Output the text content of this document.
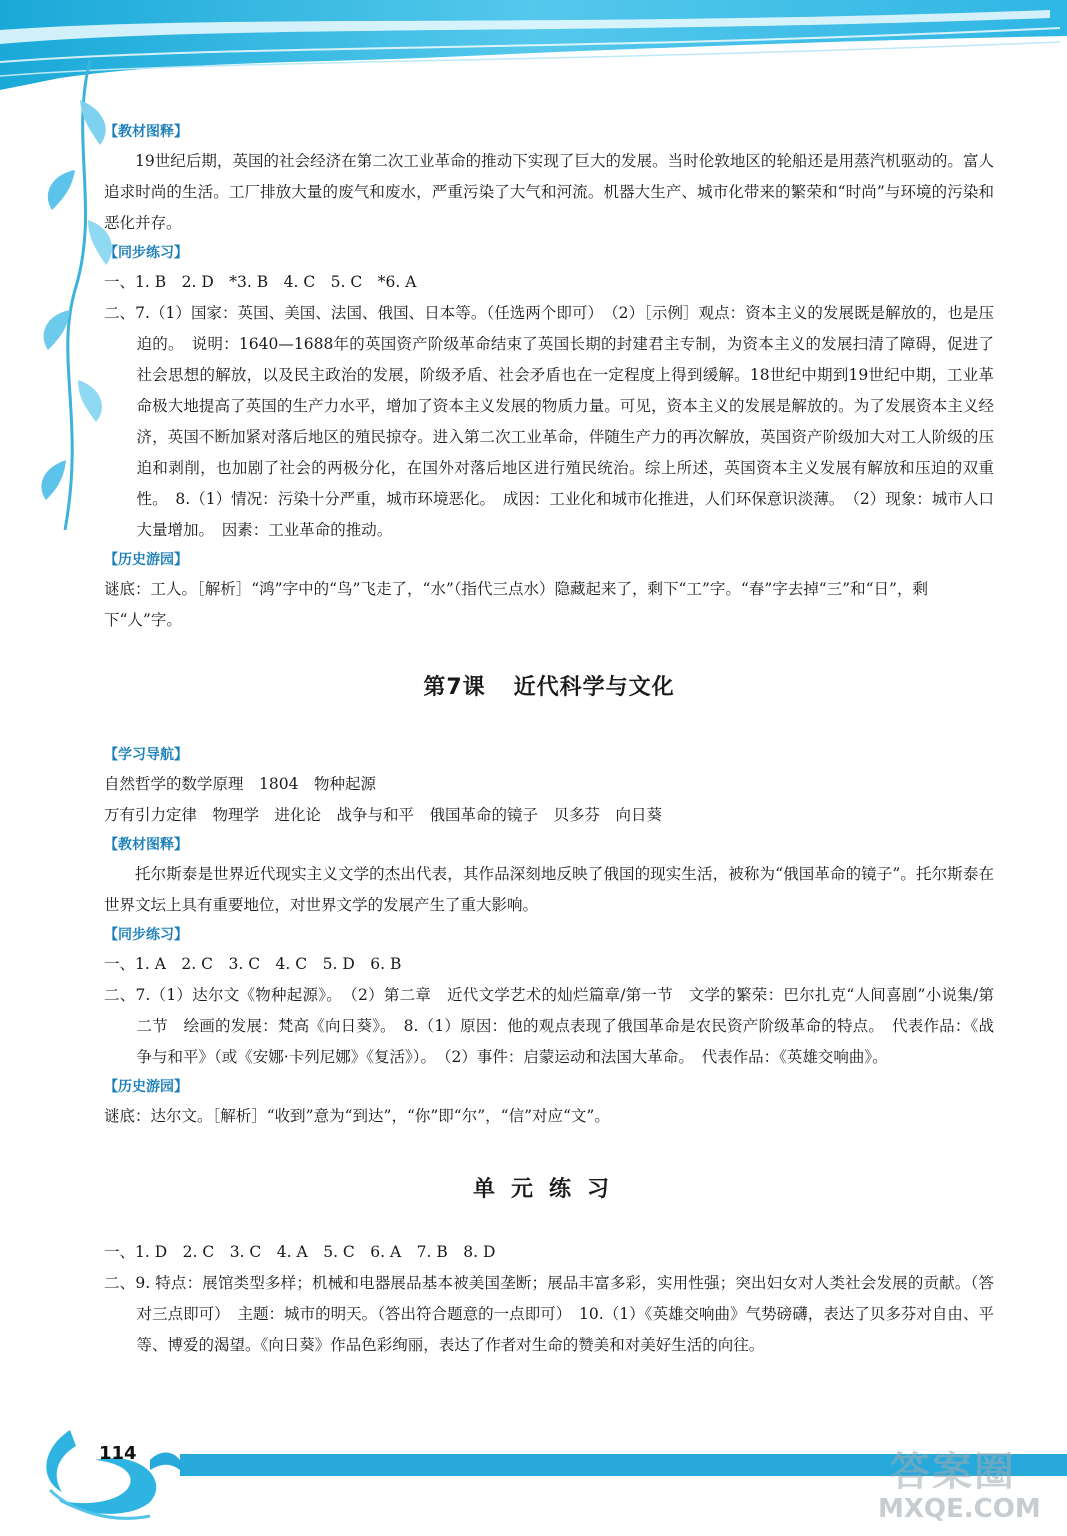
【教材图释】
19世纪后期，英国的社会经济在第二次工业革命的推动下实现了巨大的发展。当时伦敦地区的轮船还是用蒸汽机驱动的。富人追求时尚的生活。工厂排放大量的废气和废水，严重污染了大气和河流。机器大生产、城市化带来的繁荣和“时尚”与环境的污染和恶化并存。
【同步练习】
一、1. B　2. D　*3. B　4. C　5. C　*6. A
二、7.（1）国家：英国、美国、法国、俄国、日本等。（任选两个即可）　（2）［示例］观点：资本主义的发展既是解放的，也是压迫的。　说明：1640—1688年的英国资产阶级革命结束了英国长期的封建君主专制，为资本主义的发展扫清了障碍，促进了社会思想的解放，以及民主政治的发展，阶级矛盾、社会矛盾也在一定程度上得到缓解。18世纪中期到19世纪中期，工业革命极大地提高了英国的生产力水平，增加了资本主义发展的物质力量。可见，资本主义的发展是解放的。为了发展资本主义经济，英国不断加紧对落后地区的殖民掠夺。进入第二次工业革命，伴随生产力的再次解放，英国资产阶级加大对工人阶级的压迫和剥削，也加剧了社会的两极分化，在国外对落后地区进行殖民统治。综上所述，英国资本主义发展有解放和压迫的双重性。　8.（1）情况：污染十分严重，城市环境恶化。　成因：工业化和城市化推进，人们环保意识淡薄。　（2）现象：城市人口大量增加。　因素：工业革命的推动。
【历史游园】
谜底：工人。［解析］“鸿”字中的“鸟”飞走了，“水”（指代三点水）隐藏起来了，剩下“工”字。“春”字去掉“三”和“日”，剩下“人”字。
第7课 近代科学与文化
【学习导航】
自然哲学的数学原理　1804　物种起源
万有引力定律　物理学　进化论　战争与和平　俄国革命的镜子　贝多芬　向日葵
【教材图释】
托尔斯泰是世界近代现实主义文学的杰出代表，其作品深刻地反映了俄国的现实生活，被称为“俄国革命的镜子”。托尔斯泰在世界文坛上具有重要地位，对世界文学的发展产生了重大影响。
【同步练习】
一、1. A　2. C　3. C　4. C　5. D　6. B
二、7.（1）达尔文《物种起源》。　（2）第二章　近代文学艺术的灿烂篇章/第一节　文学的繁荣：巴尔扎克“人间喜剧”小说集/第二节　绘画的发展：梵高《向日葵》。　8.（1）原因：他的观点表现了俄国革命是农民资产阶级革命的特点。　代表作品：《战争与和平》（或《安娜·卡列尼娜》《复活》）。　（2）事件：启蒙运动和法国大革命。　代表作品：《英雄交响曲》。
【历史游园】
谜底：达尔文。［解析］“收到”意为“到达”，“你”即“尔”，“信”对应“文”。
单元练习
一、1. D　2. C　3. C　4. A　5. C　6. A　7. B　8. D
二、9. 特点：展馆类型多样；机械和电器展品基本被美国垄断；展品丰富多彩，实用性强；突出妇女对人类社会发展的贡献。（答对三点即可）　主题：城市的明天。（答出符合题意的一点即可）　10.（1）《英雄交响曲》气势磅礴，表达了贝多芬对自由、平等、博爱的渴望。《向日葵》作品色彩绚丽，表达了作者对生命的赞美和对美好生活的向往。
114	答案圈
MXQE.COM
